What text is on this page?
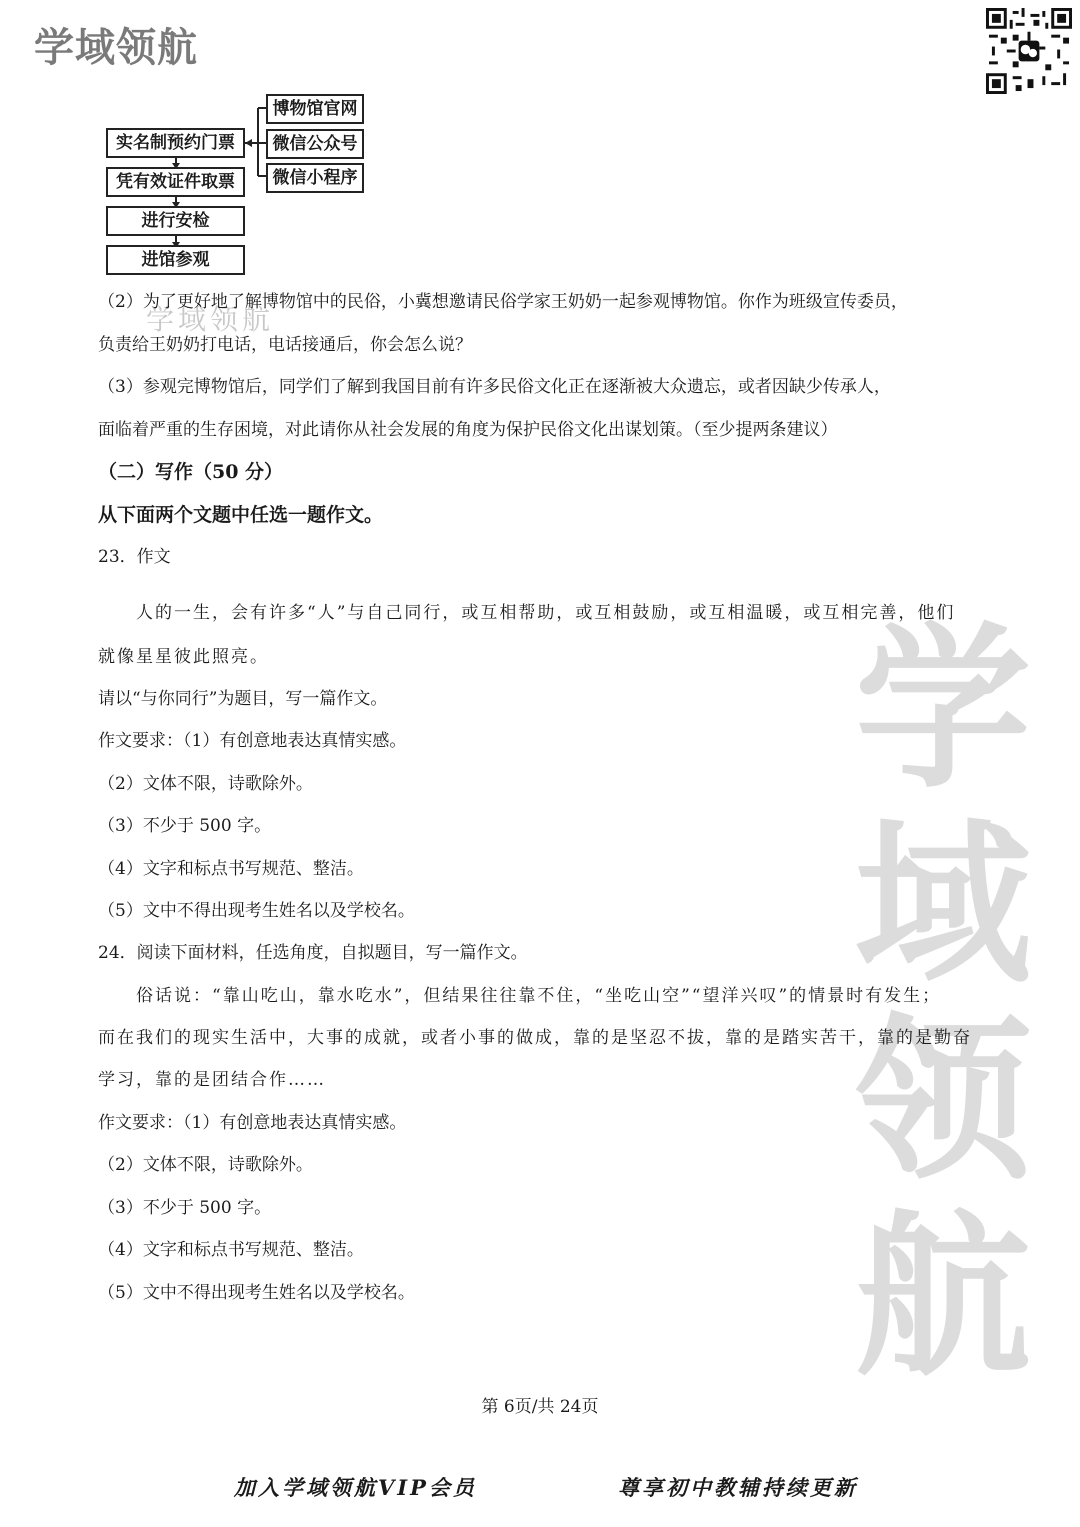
学域领航
学
域
领
航
学域领航
博物馆官网
微信公众号
微信小程序
实名制预约门票
凭有效证件取票
进行安检
进馆参观
（2）为了更好地了解博物馆中的民俗，小冀想邀请民俗学家王奶奶一起参观博物馆。你作为班级宣传委员，
负责给王奶奶打电话，电话接通后，你会怎么说？
（3）参观完博物馆后，同学们了解到我国目前有许多民俗文化正在逐渐被大众遗忘，或者因缺少传承人，
面临着严重的生存困境，对此请你从社会发展的角度为保护民俗文化出谋划策。（至少提两条建议）
（二）写作（50 分）
从下面两个文题中任选一题作文。
23．作文
人的一生，会有许多“人”与自己同行，或互相帮助，或互相鼓励，或互相温暖，或互相完善，他们
就像星星彼此照亮。
请以“与你同行”为题目，写一篇作文。
作文要求：（1）有创意地表达真情实感。
（2）文体不限，诗歌除外。
（3）不少于 500 字。
（4）文字和标点书写规范、整洁。
（5）文中不得出现考生姓名以及学校名。
24．阅读下面材料，任选角度，自拟题目，写一篇作文。
俗话说：“靠山吃山，靠水吃水”，但结果往往靠不住，“坐吃山空”“望洋兴叹”的情景时有发生；
而在我们的现实生活中，大事的成就，或者小事的做成，靠的是坚忍不拔，靠的是踏实苦干，靠的是勤奋
学习，靠的是团结合作……
作文要求：（1）有创意地表达真情实感。
（2）文体不限，诗歌除外。
（3）不少于 500 字。
（4）文字和标点书写规范、整洁。
（5）文中不得出现考生姓名以及学校名。
第 6页/共 24页
加入学域领航VIP会员	尊享初中教辅持续更新
